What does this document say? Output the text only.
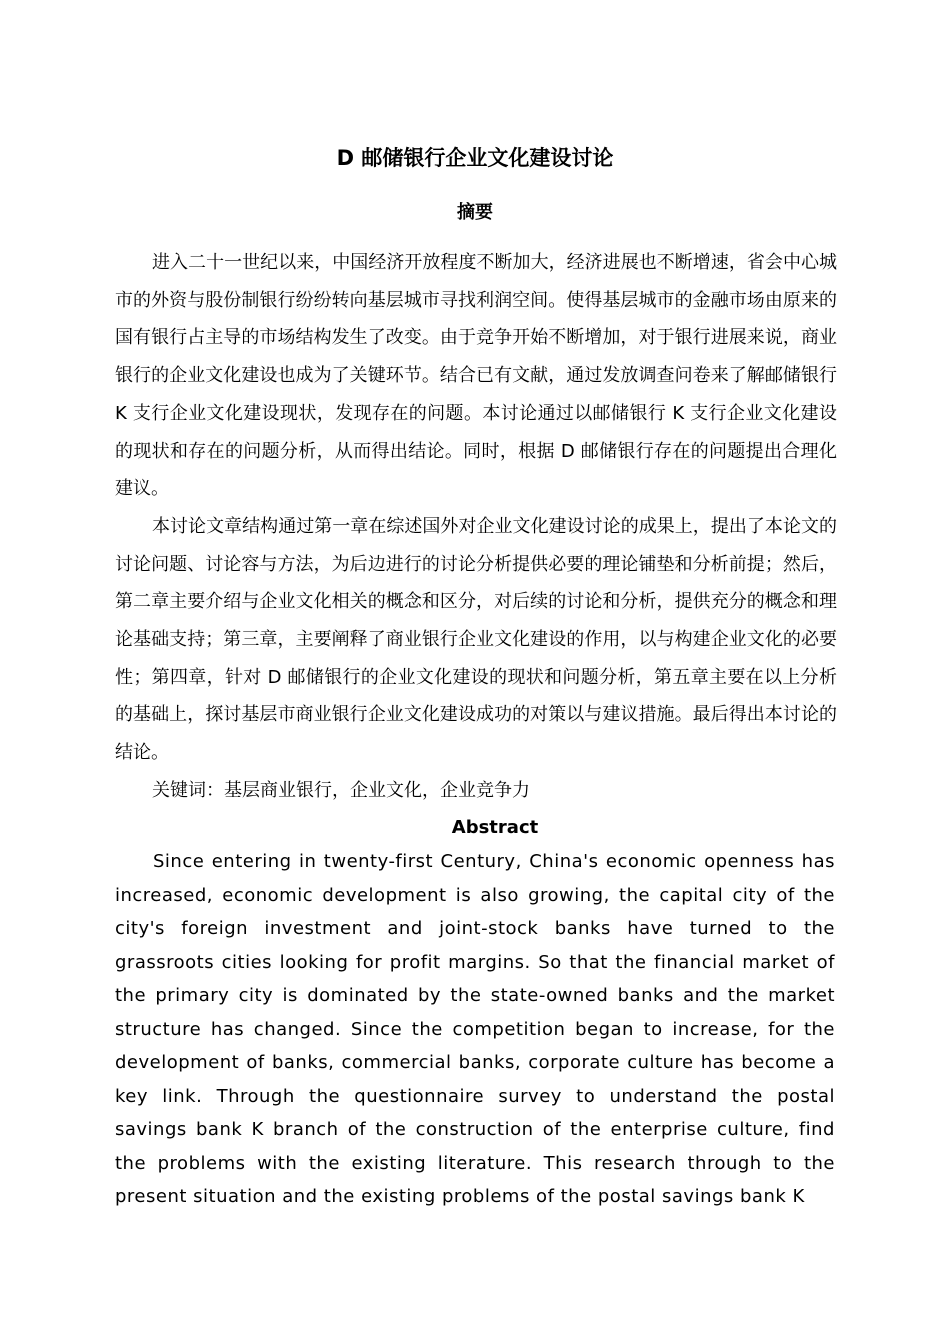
D 邮储银行企业文化建设讨论
摘要

进入二十一世纪以来，中国经济开放程度不断加大，经济进展也不断增速，省会中心城市的外资与股份制银行纷纷转向基层城市寻找利润空间。使得基层城市的金融市场由原来的国有银行占主导的市场结构发生了改变。由于竞争开始不断增加，对于银行进展来说，商业银行的企业文化建设也成为了关键环节。结合已有文献，通过发放调查问卷来了解邮储银行 K 支行企业文化建设现状，发现存在的问题。本讨论通过以邮储银行 K 支行企业文化建设的现状和存在的问题分析，从而得出结论。同时，根据 D 邮储银行存在的问题提出合理化建议。

本讨论文章结构通过第一章在综述国外对企业文化建设讨论的成果上，提出了本论文的讨论问题、讨论容与方法，为后边进行的讨论分析提供必要的理论铺垫和分析前提；然后，第二章主要介绍与企业文化相关的概念和区分，对后续的讨论和分析，提供充分的概念和理论基础支持；第三章，主要阐释了商业银行企业文化建设的作用，以与构建企业文化的必要性；第四章，针对 D 邮储银行的企业文化建设的现状和问题分析，第五章主要在以上分析的基础上，探讨基层市商业银行企业文化建设成功的对策以与建议措施。最后得出本讨论的结论。

关键词：基层商业银行，企业文化，企业竞争力

Abstract

Since entering in twenty-first Century, China's economic openness has increased, economic development is also growing, the capital city of the city's foreign investment and joint-stock banks have turned to the grassroots cities looking for profit margins. So that the financial market of the primary city is dominated by the state-owned banks and the market structure has changed. Since the competition began to increase, for the development of banks, commercial banks, corporate culture has become a key link. Through the questionnaire survey to understand the postal savings bank K branch of the construction of the enterprise culture, find the problems with the existing literature. This research through to the present situation and the existing problems of the postal savings bank K
